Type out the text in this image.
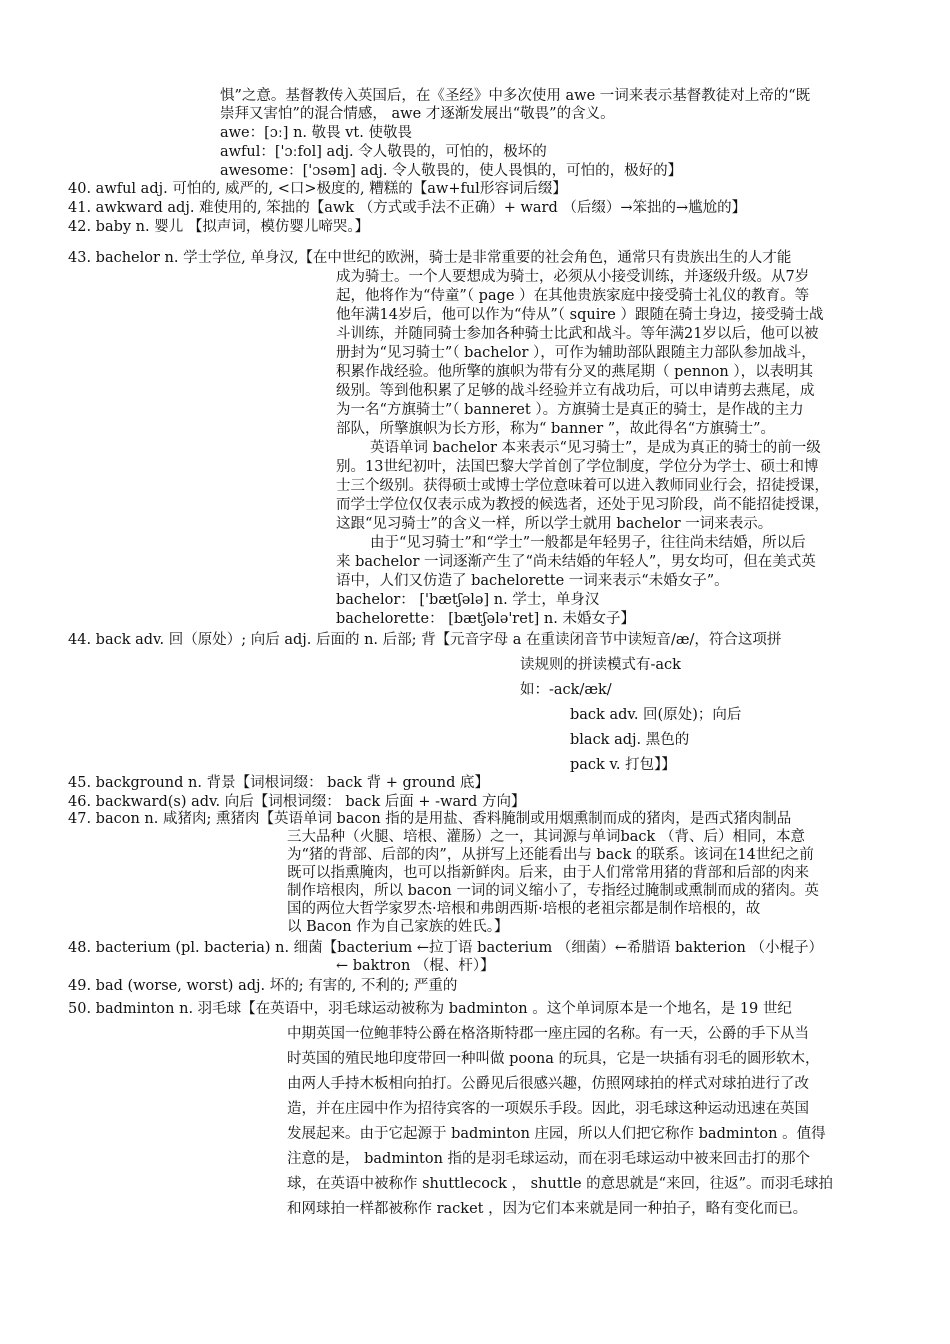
惧”之意。基督教传入英国后，在《圣经》中多次使用 awe 一词来表示基督教徒对上帝的“既
崇拜又害怕”的混合情感， awe 才逐渐发展出“敬畏”的含义。
awe：[ɔː] n. 敬畏 vt. 使敬畏
awful：['ɔːfol] adj. 令人敬畏的，可怕的，极坏的
awesome：['ɔsəm] adj. 令人敬畏的，使人畏惧的，可怕的，极好的】
40. awful adj. 可怕的, 威严的, <口>极度的, 糟糕的【aw+ful形容词后缀】
41. awkward adj. 难使用的, 笨拙的【awk （方式或手法不正确）+ ward （后缀）→笨拙的→尴尬的】
42. baby n. 婴儿 【拟声词，模仿婴儿啼哭。】
43. bachelor n. 学士学位, 单身汉,【在中世纪的欧洲，骑士是非常重要的社会角色，通常只有贵族出生的人才能
成为骑士。一个人要想成为骑士，必须从小接受训练，并逐级升级。从7岁
起，他将作为“侍童”（ page ）在其他贵族家庭中接受骑士礼仪的教育。等
他年满14岁后，他可以作为“侍从”（ squire ）跟随在骑士身边，接受骑士战
斗训练，并随同骑士参加各种骑士比武和战斗。等年满21岁以后，他可以被
册封为“见习骑士”（ bachelor ），可作为辅助部队跟随主力部队参加战斗，
积累作战经验。他所擎的旗帜为带有分叉的燕尾期（ pennon ），以表明其
级别。等到他积累了足够的战斗经验并立有战功后，可以申请剪去燕尾，成
为一名“方旗骑士”（ banneret ）。方旗骑士是真正的骑士，是作战的主力
部队，所擎旗帜为长方形，称为“ banner ”，故此得名“方旗骑士”。
英语单词 bachelor 本来表示“见习骑士”，是成为真正的骑士的前一级
别。13世纪初叶，法国巴黎大学首创了学位制度，学位分为学士、硕士和博
士三个级别。获得硕士或博士学位意味着可以进入教师同业行会，招徒授课，
而学士学位仅仅表示成为教授的候选者，还处于见习阶段，尚不能招徒授课，
这跟“见习骑士”的含义一样，所以学士就用 bachelor 一词来表示。
由于“见习骑士”和“学士”一般都是年轻男子，往往尚未结婚，所以后
来 bachelor 一词逐渐产生了“尚未结婚的年轻人”，男女均可，但在美式英
语中，人们又仿造了 bachelorette 一词来表示“未婚女子”。
bachelor： ['bætʃələ] n. 学士，单身汉
bachelorette： [bætʃələ'ret] n. 未婚女子】
44. back adv. 回（原处）; 向后 adj. 后面的 n. 后部; 背【元音字母 a 在重读闭音节中读短音/æ/，符合这项拼
读规则的拼读模式有-ack
如：-ack/æk/
back adv. 回(原处)；向后
black adj. 黑色的
pack v. 打包】】
45. background n. 背景【词根词缀： back 背 + ground 底】
46. backward(s) adv. 向后【词根词缀： back 后面 + -ward 方向】
47. bacon n. 咸猪肉; 熏猪肉【英语单词 bacon 指的是用盐、香料腌制或用烟熏制而成的猪肉，是西式猪肉制品
三大品种（火腿、培根、灌肠）之一，其词源与单词back （背、后）相同，本意
为“猪的背部、后部的肉”，从拼写上还能看出与 back 的联系。该词在14世纪之前
既可以指熏腌肉，也可以指新鲜肉。后来，由于人们常常用猪的背部和后部的肉来
制作培根肉，所以 bacon 一词的词义缩小了，专指经过腌制或熏制而成的猪肉。英
国的两位大哲学家罗杰·培根和弗朗西斯·培根的老祖宗都是制作培根的，故
以 Bacon 作为自己家族的姓氏。】
48. bacterium (pl. bacteria) n. 细菌【bacterium ←拉丁语 bacterium （细菌）←希腊语 bakterion （小棍子）
← baktron （棍、杆）】
49. bad (worse, worst) adj. 坏的; 有害的, 不利的; 严重的
50. badminton n. 羽毛球【在英语中，羽毛球运动被称为 badminton 。这个单词原本是一个地名，是 19 世纪
中期英国一位鲍菲特公爵在格洛斯特郡一座庄园的名称。有一天，公爵的手下从当
时英国的殖民地印度带回一种叫做 poona 的玩具，它是一块插有羽毛的圆形软木，
由两人手持木板相向拍打。公爵见后很感兴趣，仿照网球拍的样式对球拍进行了改
造，并在庄园中作为招待宾客的一项娱乐手段。因此，羽毛球这种运动迅速在英国
发展起来。由于它起源于 badminton 庄园，所以人们把它称作 badminton 。值得
注意的是， badminton 指的是羽毛球运动，而在羽毛球运动中被来回击打的那个
球，在英语中被称作 shuttlecock ， shuttle 的意思就是“来回，往返”。而羽毛球拍
和网球拍一样都被称作 racket ，因为它们本来就是同一种拍子，略有变化而已。
